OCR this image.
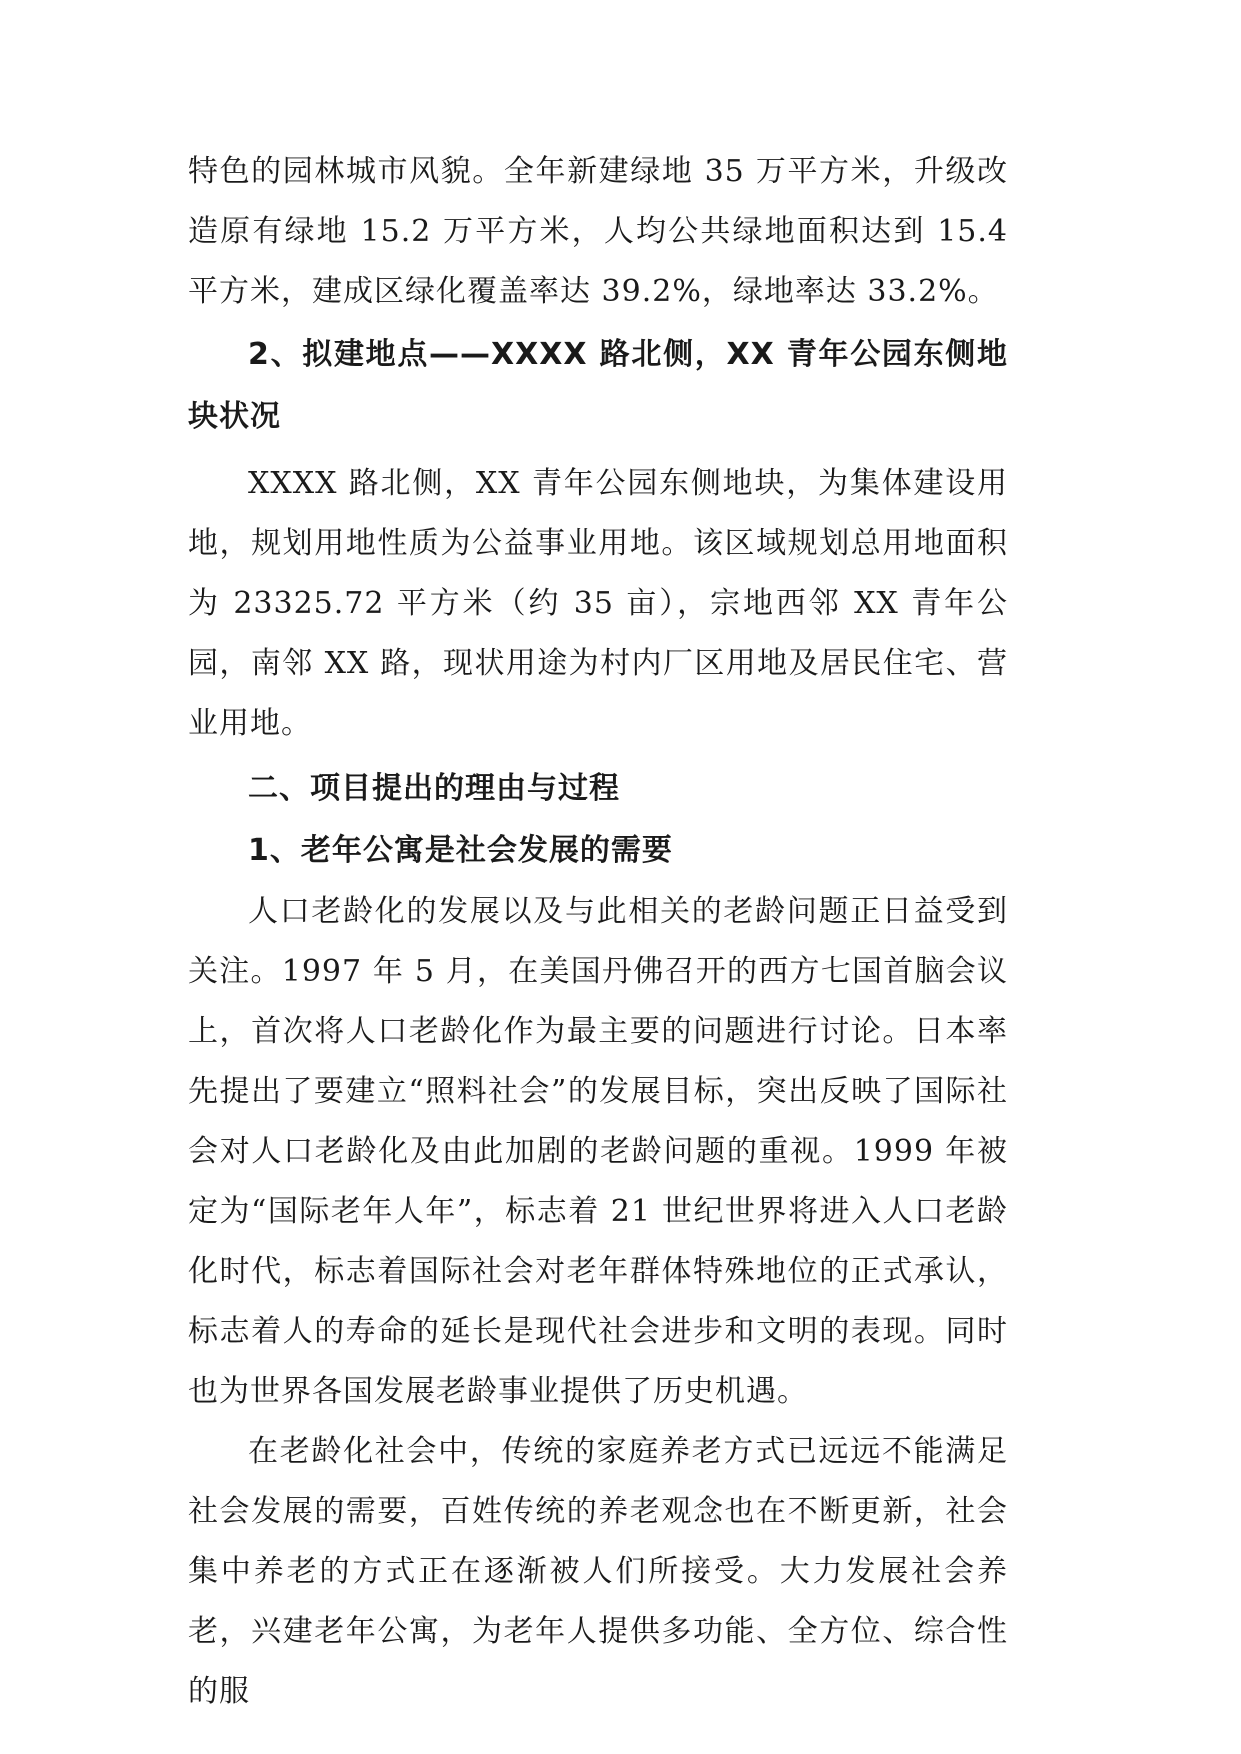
特色的园林城市风貌。全年新建绿地 35 万平方米，升级改造原有绿地 15.2 万平方米，人均公共绿地面积达到 15.4 平方米，建成区绿化覆盖率达 39.2%，绿地率达 33.2%。

2、拟建地点——XXXX 路北侧，XX 青年公园东侧地块状况

XXXX 路北侧，XX 青年公园东侧地块，为集体建设用地，规划用地性质为公益事业用地。该区域规划总用地面积为 23325.72 平方米（约 35 亩），宗地西邻 XX 青年公园，南邻 XX 路，现状用途为村内厂区用地及居民住宅、营业用地。

二、项目提出的理由与过程

1、老年公寓是社会发展的需要

人口老龄化的发展以及与此相关的老龄问题正日益受到关注。1997 年 5 月，在美国丹佛召开的西方七国首脑会议上，首次将人口老龄化作为最主要的问题进行讨论。日本率先提出了要建立“照料社会”的发展目标，突出反映了国际社会对人口老龄化及由此加剧的老龄问题的重视。1999 年被定为“国际老年人年”，标志着 21 世纪世界将进入人口老龄化时代，标志着国际社会对老年群体特殊地位的正式承认，标志着人的寿命的延长是现代社会进步和文明的表现。同时也为世界各国发展老龄事业提供了历史机遇。

在老龄化社会中，传统的家庭养老方式已远远不能满足社会发展的需要，百姓传统的养老观念也在不断更新，社会集中养老的方式正在逐渐被人们所接受。大力发展社会养老，兴建老年公寓，为老年人提供多功能、全方位、综合性的服
